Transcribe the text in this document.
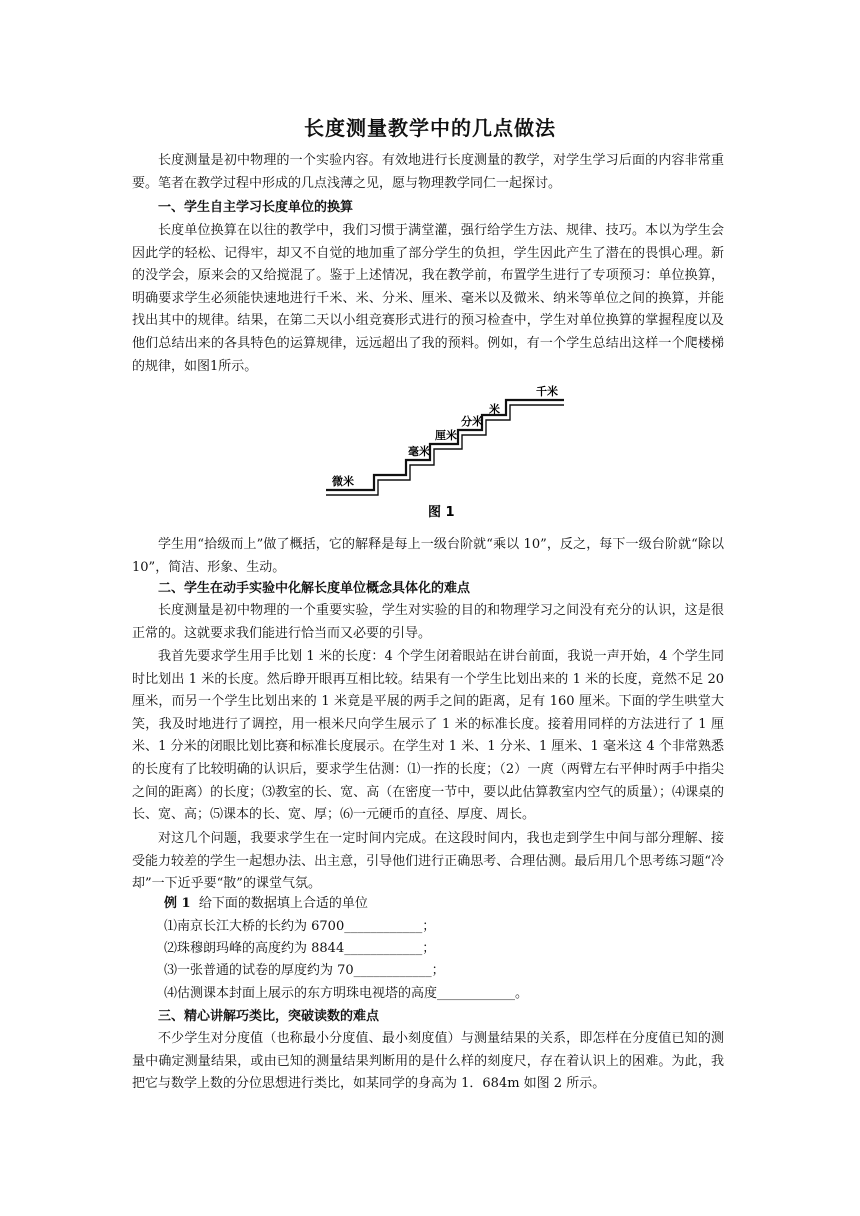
长度测量教学中的几点做法

长度测量是初中物理的一个实验内容。有效地进行长度测量的教学，对学生学习后面的内容非常重要。笔者在教学过程中形成的几点浅薄之见，愿与物理教学同仁一起探讨。

一、学生自主学习长度单位的换算

长度单位换算在以往的教学中，我们习惯于满堂灌，强行给学生方法、规律、技巧。本以为学生会因此学的轻松、记得牢，却又不自觉的地加重了部分学生的负担，学生因此产生了潜在的畏惧心理。新的没学会，原来会的又给搅混了。鉴于上述情况，我在教学前，布置学生进行了专项预习：单位换算，明确要求学生必须能快速地进行千米、米、分米、厘米、毫米以及微米、纳米等单位之间的换算，并能找出其中的规律。结果，在第二天以小组竞赛形式进行的预习检查中，学生对单位换算的掌握程度以及他们总结出来的各具特色的运算规律，远远超出了我的预料。例如，有一个学生总结出这样一个爬楼梯的规律，如图1所示。

微米
毫米
厘米
分米
米
千米
图 1

学生用“拾级而上”做了概括，它的解释是每上一级台阶就“乘以 10”，反之，每下一级台阶就“除以 10”，简洁、形象、生动。

二、学生在动手实验中化解长度单位概念具体化的难点

长度测量是初中物理的一个重要实验，学生对实验的目的和物理学习之间没有充分的认识，这是很正常的。这就要求我们能进行恰当而又必要的引导。

我首先要求学生用手比划 1 米的长度：4 个学生闭着眼站在讲台前面，我说一声开始，4 个学生同时比划出 1 米的长度。然后睁开眼再互相比较。结果有一个学生比划出来的 1 米的长度，竟然不足 20 厘米，而另一个学生比划出来的 1 米竟是平展的两手之间的距离，足有 160 厘米。下面的学生哄堂大笑，我及时地进行了调控，用一根米尺向学生展示了 1 米的标准长度。接着用同样的方法进行了 1 厘米、1 分米的闭眼比划比赛和标准长度展示。在学生对 1 米、1 分米、1 厘米、1 毫米这 4 个非常熟悉的长度有了比较明确的认识后，要求学生估测：⑴一拃的长度；（2）一庹（两臂左右平伸时两手中指尖之间的距离）的长度；⑶教室的长、宽、高（在密度一节中，要以此估算教室内空气的质量）；⑷课桌的长、宽、高；⑸课本的长、宽、厚；⑹一元硬币的直径、厚度、周长。

对这几个问题，我要求学生在一定时间内完成。在这段时间内，我也走到学生中间与部分理解、接受能力较差的学生一起想办法、出主意，引导他们进行正确思考、合理估测。最后用几个思考练习题“冷却”一下近乎要“散”的课堂气氛。

例 1 给下面的数据填上合适的单位

⑴南京长江大桥的长约为 6700____________；

⑵珠穆朗玛峰的高度约为 8844____________；

⑶一张普通的试卷的厚度约为 70____________；

⑷估测课本封面上展示的东方明珠电视塔的高度____________。

三、精心讲解巧类比，突破读数的难点

不少学生对分度值（也称最小分度值、最小刻度值）与测量结果的关系，即怎样在分度值已知的测量中确定测量结果，或由已知的测量结果判断用的是什么样的刻度尺，存在着认识上的困难。为此，我把它与数学上数的分位思想进行类比，如某同学的身高为 1．684m 如图 2 所示。
